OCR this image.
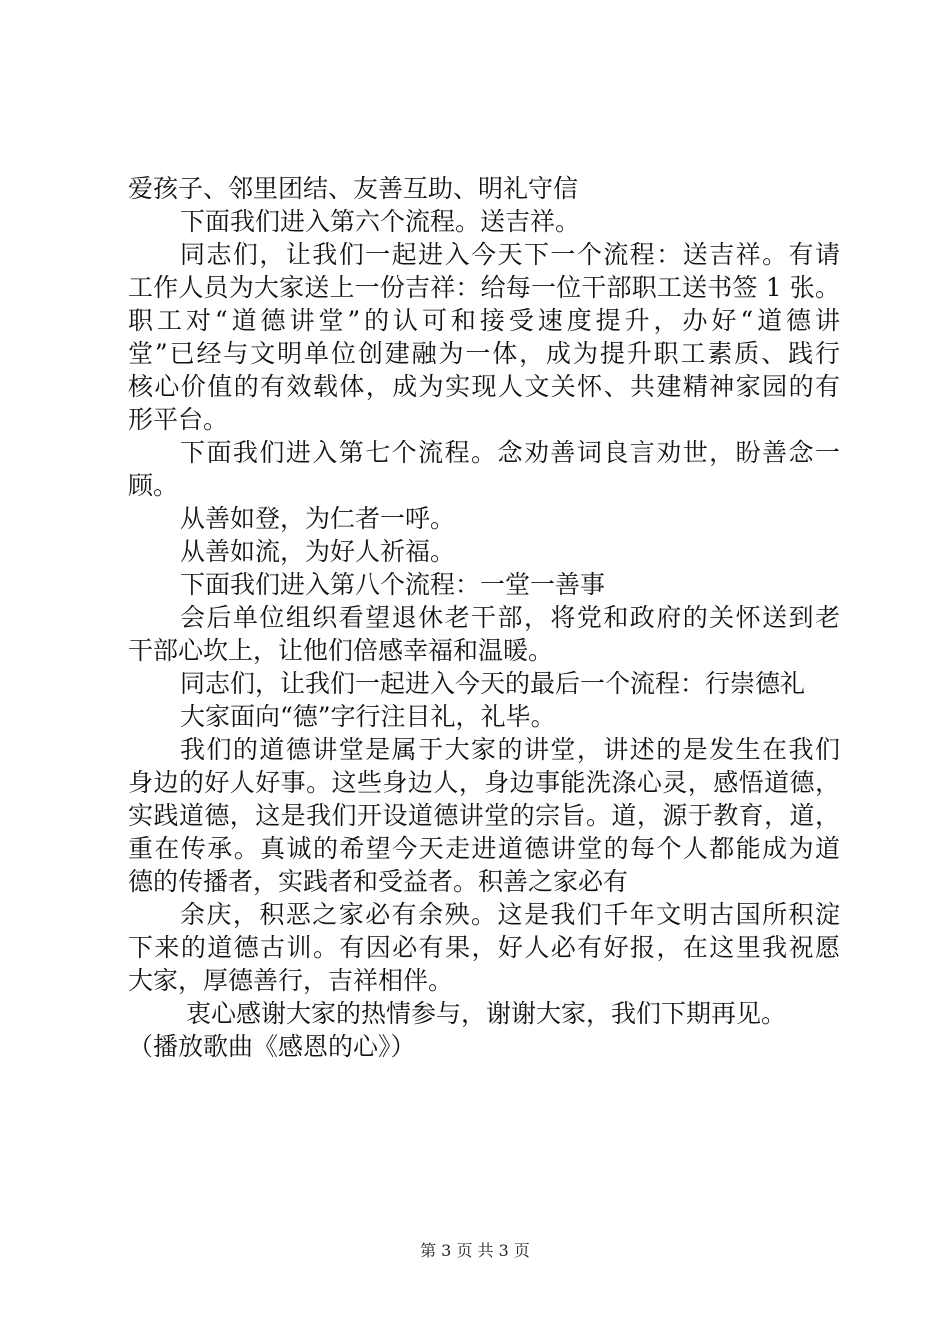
爱孩子、邻里团结、友善互助、明礼守信
下面我们进入第六个流程。送吉祥。
同志们，让我们一起进入今天下一个流程：送吉祥。有请
工作人员为大家送上一份吉祥：给每一位干部职工送书签 1 张。
职工对“道德讲堂”的认可和接受速度提升，办好“道德讲
堂”已经与文明单位创建融为一体，成为提升职工素质、践行
核心价值的有效载体，成为实现人文关怀、共建精神家园的有
形平台。
下面我们进入第七个流程。念劝善词良言劝世，盼善念一
顾。
从善如登，为仁者一呼。
从善如流，为好人祈福。
下面我们进入第八个流程：一堂一善事
会后单位组织看望退休老干部，将党和政府的关怀送到老
干部心坎上，让他们倍感幸福和温暖。
同志们，让我们一起进入今天的最后一个流程：行崇德礼
大家面向“德”字行注目礼，礼毕。
我们的道德讲堂是属于大家的讲堂，讲述的是发生在我们
身边的好人好事。这些身边人，身边事能洗涤心灵，感悟道德，
实践道德，这是我们开设道德讲堂的宗旨。道，源于教育，道，
重在传承。真诚的希望今天走进道德讲堂的每个人都能成为道
德的传播者，实践者和受益者。积善之家必有
余庆，积恶之家必有余殃。这是我们千年文明古国所积淀
下来的道德古训。有因必有果，好人必有好报，在这里我祝愿
大家，厚德善行，吉祥相伴。
衷心感谢大家的热情参与，谢谢大家，我们下期再见。
（播放歌曲《感恩的心》）
第 3 页 共 3 页
